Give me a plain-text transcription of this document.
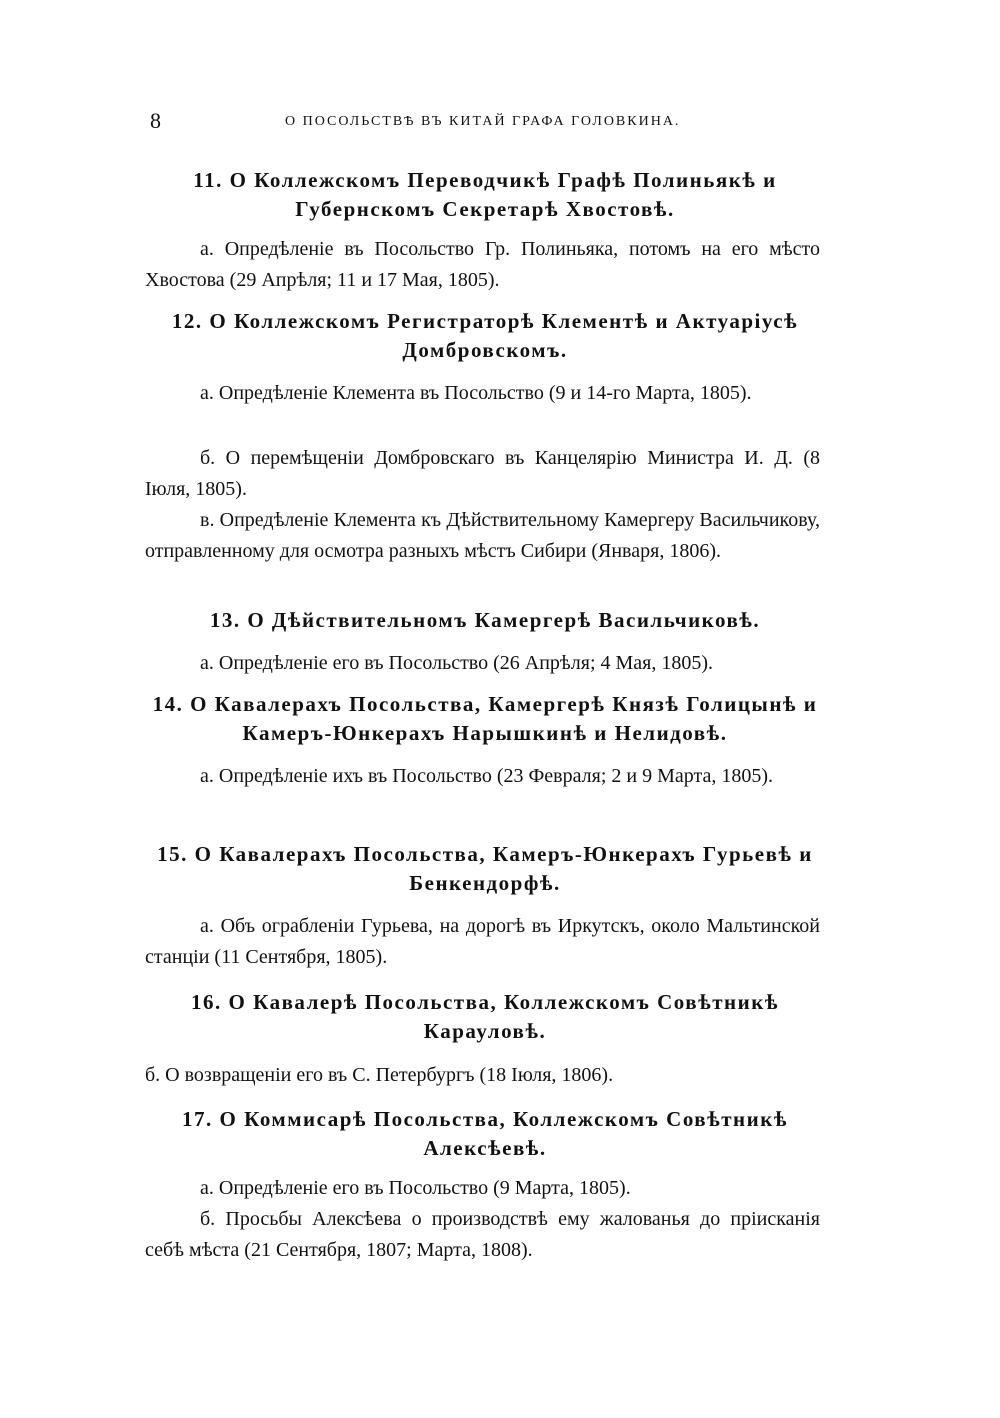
8	О ПОСОЛЬСТВѢ ВЪ КИТАЙ ГРАФА ГОЛОВКИНА.
11. О Коллежскомъ Переводчикѣ Графѣ Полиньякѣ и Губернскомъ Секретарѣ Хвостовѣ.
а. Опредѣленіе въ Посольство Гр. Полиньяка, потомъ на его мѣсто Хвостова (29 Апрѣля; 11 и 17 Мая, 1805).
12. О Коллежскомъ Регистраторѣ Клементѣ и Актуаріусѣ Домбровскомъ.
а. Опредѣленіе Клемента въ Посольство (9 и 14-го Марта, 1805).
б. О перемѣщеніи Домбровскаго въ Канцелярію Министра И. Д. (8 Іюля, 1805).
в. Опредѣленіе Клемента къ Дѣйствительному Камергеру Васильчикову, отправленному для осмотра разныхъ мѣстъ Сибири (Января, 1806).
13. О Дѣйствительномъ Камергерѣ Васильчиковѣ.
а. Опредѣленіе его въ Посольство (26 Апрѣля; 4 Мая, 1805).
14. О Кавалерахъ Посольства, Камергерѣ Князѣ Голицынѣ и Камеръ-Юнкерахъ Нарышкинѣ и Нелидовѣ.
а. Опредѣленіе ихъ въ Посольство (23 Февраля; 2 и 9 Марта, 1805).
15. О Кавалерахъ Посольства, Камеръ-Юнкерахъ Гурьевѣ и Бенкендорфѣ.
а. Объ ограбленіи Гурьева, на дорогѣ въ Иркутскъ, около Мальтинской станціи (11 Сентября, 1805).
16. О Кавалерѣ Посольства, Коллежскомъ Совѣтникѣ Карауловѣ.
б. О возвращеніи его въ С. Петербургъ (18 Іюля, 1806).
17. О Коммисарѣ Посольства, Коллежскомъ Совѣтникѣ Алексѣевѣ.
а. Опредѣленіе его въ Посольство (9 Марта, 1805).
б. Просьбы Алексѣева о производствѣ ему жалованья до пріисканія себѣ мѣста (21 Сентября, 1807; Марта, 1808).
